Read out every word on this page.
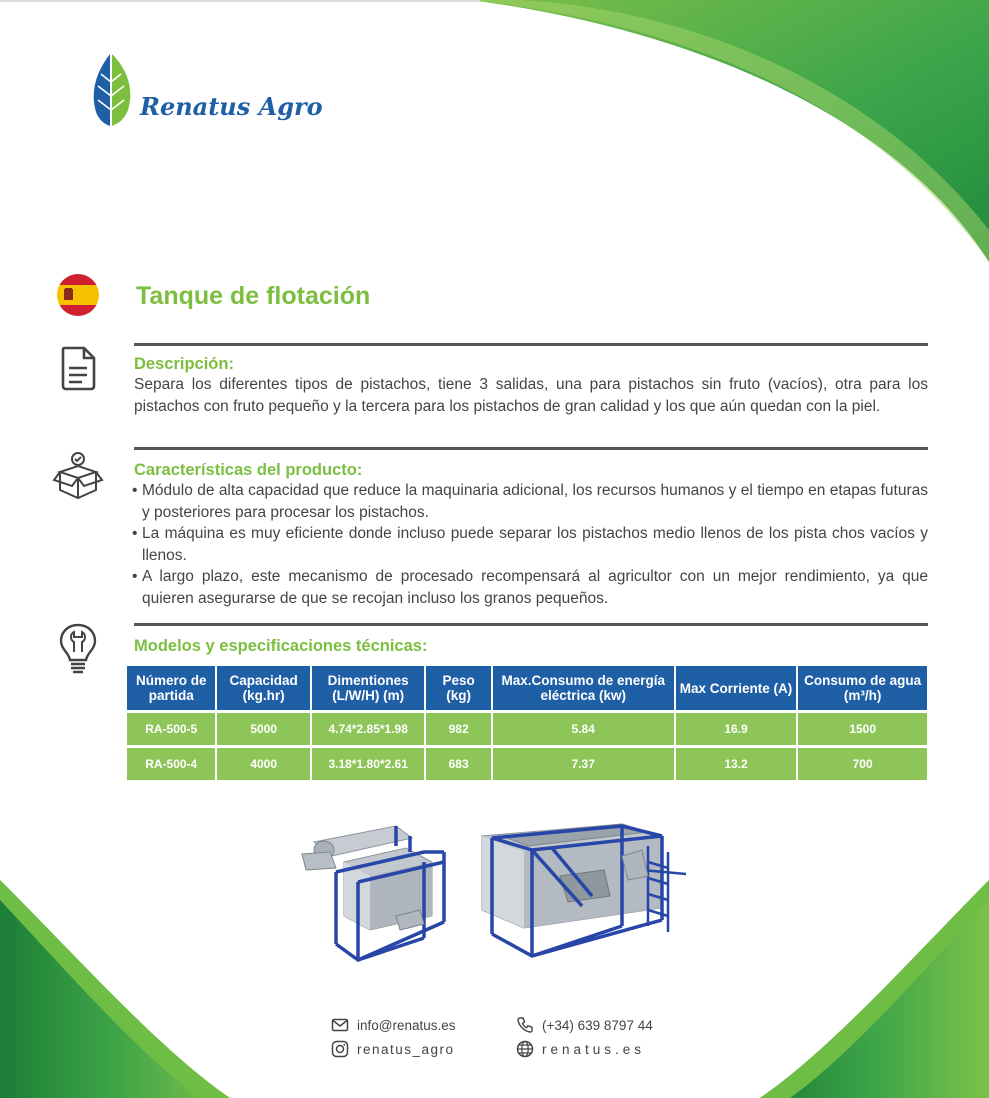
Renatus Agro
Tanque de flotación
Descripción:

Separa los diferentes tipos de pistachos, tiene 3 salidas, una para pistachos sin fruto (vacíos), otra para los pistachos con fruto pequeño y la tercera para los pistachos de gran calidad y los que aún quedan con la piel.

Características del producto:
• Módulo de alta capacidad que reduce la maquinaria adicional, los recursos humanos y el tiempo en etapas futuras y posteriores para procesar los pistachos.
• La máquina es muy eficiente donde incluso puede separar los pistachos medio llenos de los pista chos vacíos y llenos.
• A largo plazo, este mecanismo de procesado recompensará al agricultor con un mejor rendimiento, ya que quieren asegurarse de que se recojan incluso los granos pequeños.
Modelos y especificaciones técnicas:
Número de partida	Capacidad (kg.hr)	Dimentiones (L/W/H) (m)	Peso (kg)	Max.Consumo de energía eléctrica (kw)	Max Corriente (A)	Consumo de agua (m³/h)
RA-500-5	5000	4.74*2.85*1.98	982	5.84	16.9	1500
RA-500-4	4000	3.18*1.80*2.61	683	7.37	13.2	700
info@renatus.es
renatus_agro
(+34) 639 8797 44
renatus.es
